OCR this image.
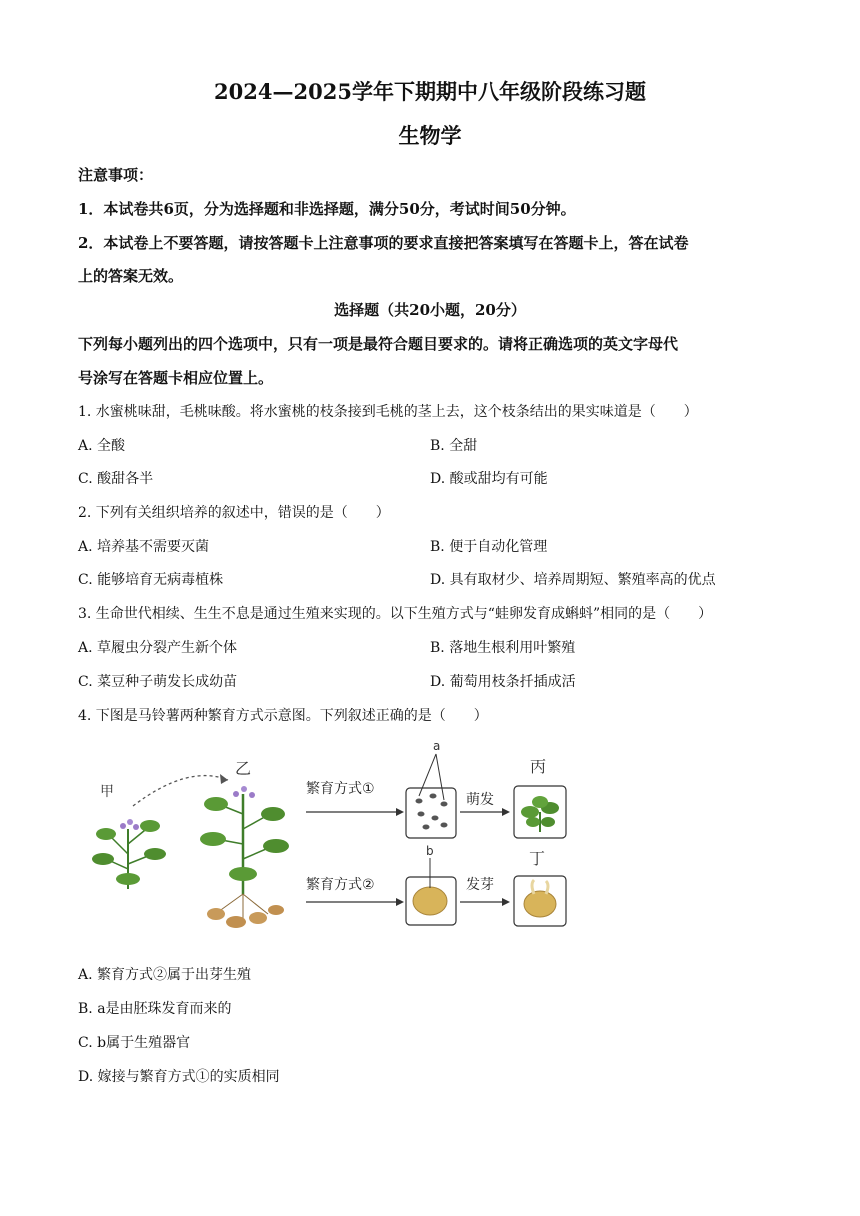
2024—2025学年下期期中八年级阶段练习题
生物学
注意事项：
1．本试卷共6页，分为选择题和非选择题，满分50分，考试时间50分钟。
2．本试卷上不要答题，请按答题卡上注意事项的要求直接把答案填写在答题卡上，答在试卷
上的答案无效。
选择题（共20小题，20分）
下列每小题列出的四个选项中，只有一项是最符合题目要求的。请将正确选项的英文字母代
号涂写在答题卡相应位置上。
1. 水蜜桃味甜，毛桃味酸。将水蜜桃的枝条接到毛桃的茎上去，这个枝条结出的果实味道是（　　）
A. 全酸	B. 全甜
C. 酸甜各半	D. 酸或甜均有可能
2. 下列有关组织培养的叙述中，错误的是（　　）
A. 培养基不需要灭菌	B. 便于自动化管理
C. 能够培育无病毒植株	D. 具有取材少、培养周期短、繁殖率高的优点
3. 生命世代相续、生生不息是通过生殖来实现的。以下生殖方式与“蛙卵发育成蝌蚪”相同的是（　　）
A. 草履虫分裂产生新个体	B. 落地生根利用叶繁殖
C. 菜豆种子萌发长成幼苗	D. 葡萄用枝条扦插成活
4. 下图是马铃薯两种繁育方式示意图。下列叙述正确的是（　　）
甲
乙
繁育方式①
繁育方式②
a
b
萌发
发芽
丙
丁
A. 繁育方式②属于出芽生殖
B. a是由胚珠发育而来的
C. b属于生殖器官
D. 嫁接与繁育方式①的实质相同
